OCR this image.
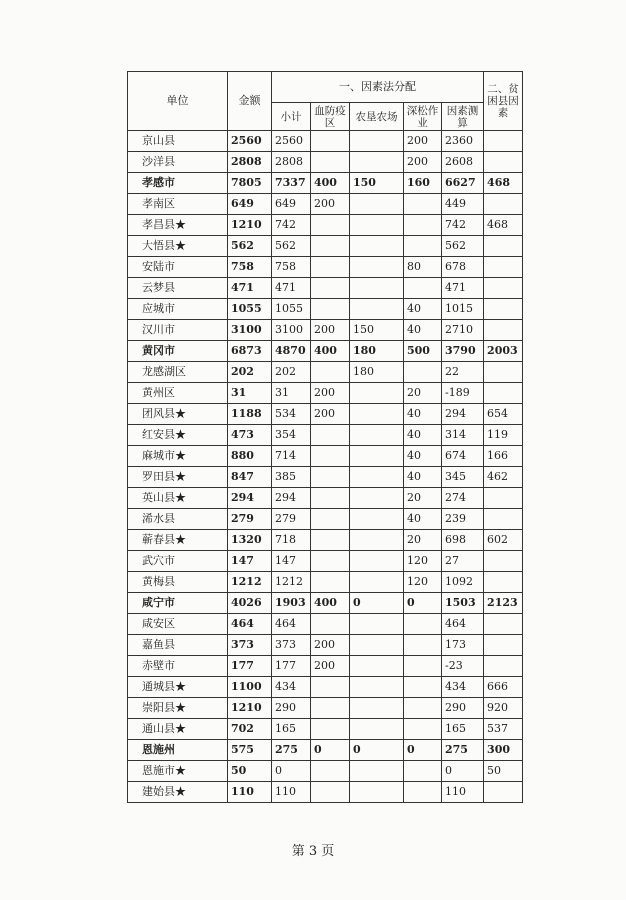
单位	金额	一、因素法分配					二、贫困县因素
		小计	血防疫区	农垦农场	深松作业	因素测算	
京山县	2560	2560			200	2360	
沙洋县	2808	2808			200	2608	
孝感市	7805	7337	400	150	160	6627	468
孝南区	649	649	200			449	
孝昌县★	1210	742				742	468
大悟县★	562	562				562	
安陆市	758	758			80	678	
云梦县	471	471				471	
应城市	1055	1055			40	1015	
汉川市	3100	3100	200	150	40	2710	
黄冈市	6873	4870	400	180	500	3790	2003
龙感湖区	202	202		180		22	
黄州区	31	31	200		20	-189	
团风县★	1188	534	200		40	294	654
红安县★	473	354			40	314	119
麻城市★	880	714			40	674	166
罗田县★	847	385			40	345	462
英山县★	294	294			20	274	
浠水县	279	279			40	239	
蕲春县★	1320	718			20	698	602
武穴市	147	147			120	27	
黄梅县	1212	1212			120	1092	
咸宁市	4026	1903	400	0	0	1503	2123
咸安区	464	464				464	
嘉鱼县	373	373	200			173	
赤壁市	177	177	200			-23	
通城县★	1100	434				434	666
崇阳县★	1210	290				290	920
通山县★	702	165				165	537
恩施州	575	275	0	0	0	275	300
恩施市★	50	0				0	50
建始县★	110	110				110	
第 3 页
